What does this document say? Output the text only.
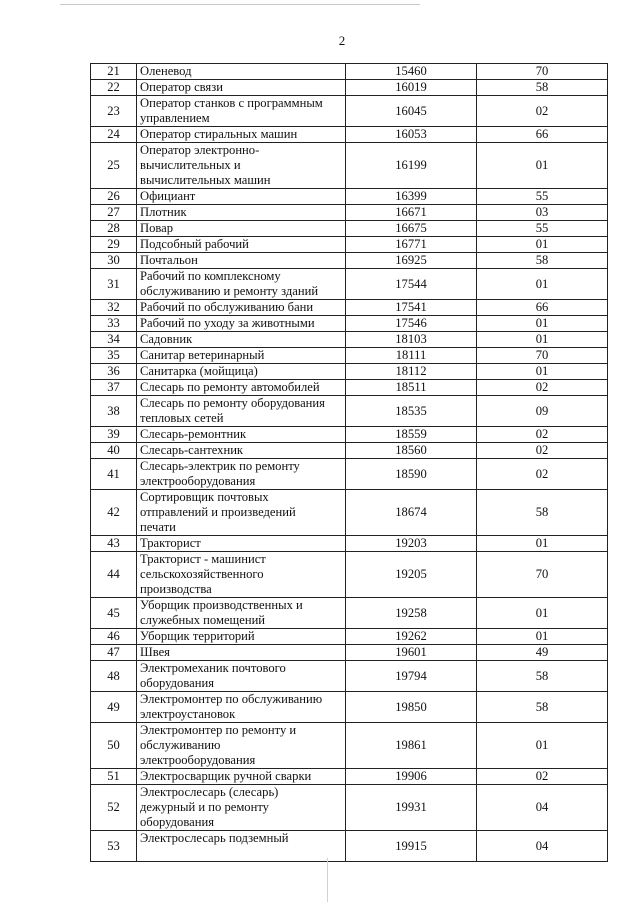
2
21	Оленевод	15460	70
22	Оператор связи	16019	58
23	Оператор станков с программным
управлением	16045	02
24	Оператор стиральных машин	16053	66
25	Оператор электронно-
вычислительных и
вычислительных машин	16199	01
26	Официант	16399	55
27	Плотник	16671	03
28	Повар	16675	55
29	Подсобный рабочий	16771	01
30	Почтальон	16925	58
31	Рабочий по комплексному
обслуживанию и ремонту зданий	17544	01
32	Рабочий по обслуживанию бани	17541	66
33	Рабочий по уходу за животными	17546	01
34	Садовник	18103	01
35	Санитар ветеринарный	18111	70
36	Санитарка (мойщица)	18112	01
37	Слесарь по ремонту автомобилей	18511	02
38	Слесарь по ремонту оборудования
тепловых сетей	18535	09
39	Слесарь-ремонтник	18559	02
40	Слесарь-сантехник	18560	02
41	Слесарь-электрик по ремонту
электрооборудования	18590	02
42	Сортировщик почтовых
отправлений и произведений
печати	18674	58
43	Тракторист	19203	01
44	Тракторист - машинист
сельскохозяйственного
производства	19205	70
45	Уборщик производственных и
служебных помещений	19258	01
46	Уборщик территорий	19262	01
47	Швея	19601	49
48	Электромеханик почтового
оборудования	19794	58
49	Электромонтер по обслуживанию
электроустановок	19850	58
50	Электромонтер по ремонту и
обслуживанию
электрооборудования	19861	01
51	Электросварщик ручной сварки	19906	02
52	Электрослесарь (слесарь)
дежурный и по ремонту
оборудования	19931	04
53	Электрослесарь подземный	19915	04
